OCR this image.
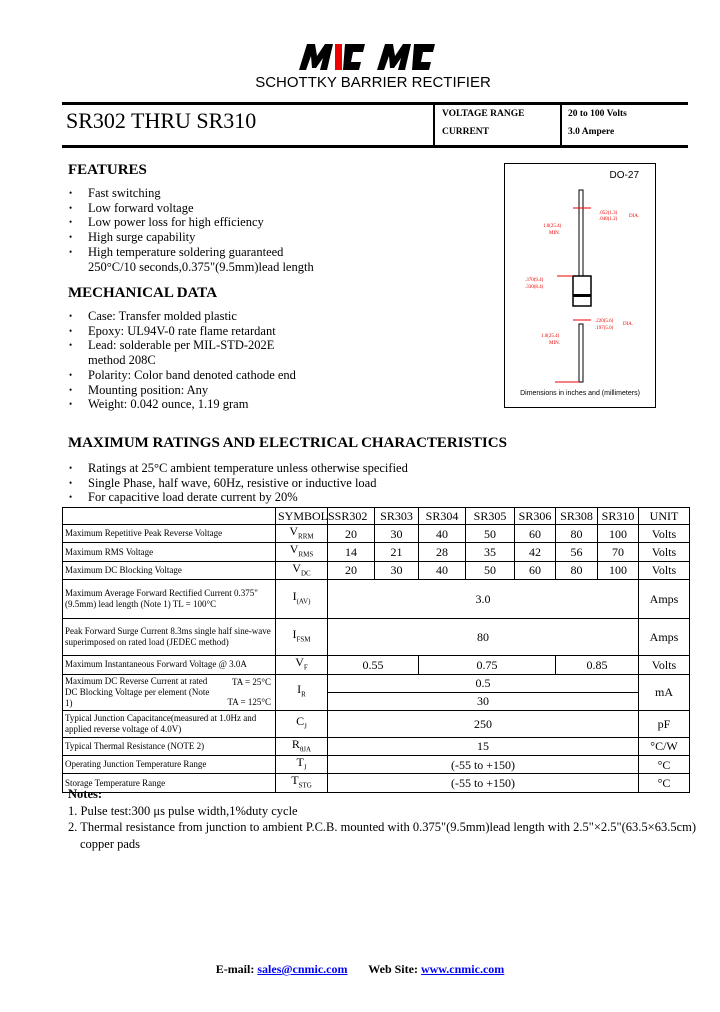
SCHOTTKY BARRIER RECTIFIER
SR302 THRU SR310	VOLTAGE RANGE	20 to 100 Volts
CURRENT	3.0 Ampere
FEATURES
• Fast switching
• Low forward voltage
• Low power loss for high efficiency
• High surge capability
• High temperature soldering guaranteed
250°C/10 seconds,0.375"(9.5mm)lead length
MECHANICAL DATA
• Case: Transfer molded plastic
• Epoxy: UL94V-0 rate flame retardant
• Lead: solderable per MIL-STD-202E
method 208C
• Polarity: Color band denoted cathode end
• Mounting position: Any
• Weight: 0.042 ounce, 1.19 gram
DO-27
.052(1.3)
.048(1.2)
DIA.
1.0(25.4)
MIN.
.370(9.4)
.330(8.4)
.220(5.6)
.197(5.0)
DIA.
1.0(25.4)
MIN.
Dimensions in inches and (millimeters)
MAXIMUM RATINGS AND ELECTRICAL CHARACTERISTICS
• Ratings at 25°C ambient temperature unless otherwise specified
• Single Phase, half wave, 60Hz, resistive or inductive load
• For capacitive load derate current by 20%
	SYMBOLS	SR302	SR303	SR304	SR305	SR306	SR308	SR310	UNIT
Maximum Repetitive Peak Reverse Voltage	$V_{RRM}$	20	30	40	50	60	80	100	Volts
Maximum RMS Voltage	$V_{RMS}$	14	21	28	35	42	56	70	Volts
Maximum DC Blocking Voltage	$V_{DC}$	20	30	40	50	60	80	100	Volts
Maximum Average Forward Rectified Current 0.375"(9.5mm) lead length (Note 1) TL = 100°C	$I_{(AV)}$	3.0							Amps
Peak Forward Surge Current 8.3ms single half sine-wave superimposed on rated load (JEDEC method)	$I_{FSM}$	80							Amps
Maximum Instantaneous Forward Voltage @ 3.0A	$V_F$	0.55		0.75			0.85		Volts

Maximum DC Reverse Current at rated DC Blocking Voltage per element (Note 1)
TA = 25°C
TA = 125°C	$I_R$	0.5							mA
		30							
Typical Junction Capacitance(measured at 1.0Hz and applied reverse voltage of 4.0V)	$C_J$	250							pF
Typical Thermal Resistance (NOTE 2)	$R_{\theta JA}$	15							°C/W
Operating Junction Temperature Range	$T_J$	(-55 to +150)							°C
Storage Temperature Range	$T_{STG}$	(-55 to +150)							°C
Notes:
1. Pulse test:300 μs pulse width,1%duty cycle
2. Thermal resistance from junction to ambient P.C.B. mounted with 0.375"(9.5mm)lead length with 2.5"×2.5"(63.5×63.5cm)
copper pads
E-mail: sales@cnmic.com Web Site: www.cnmic.com
